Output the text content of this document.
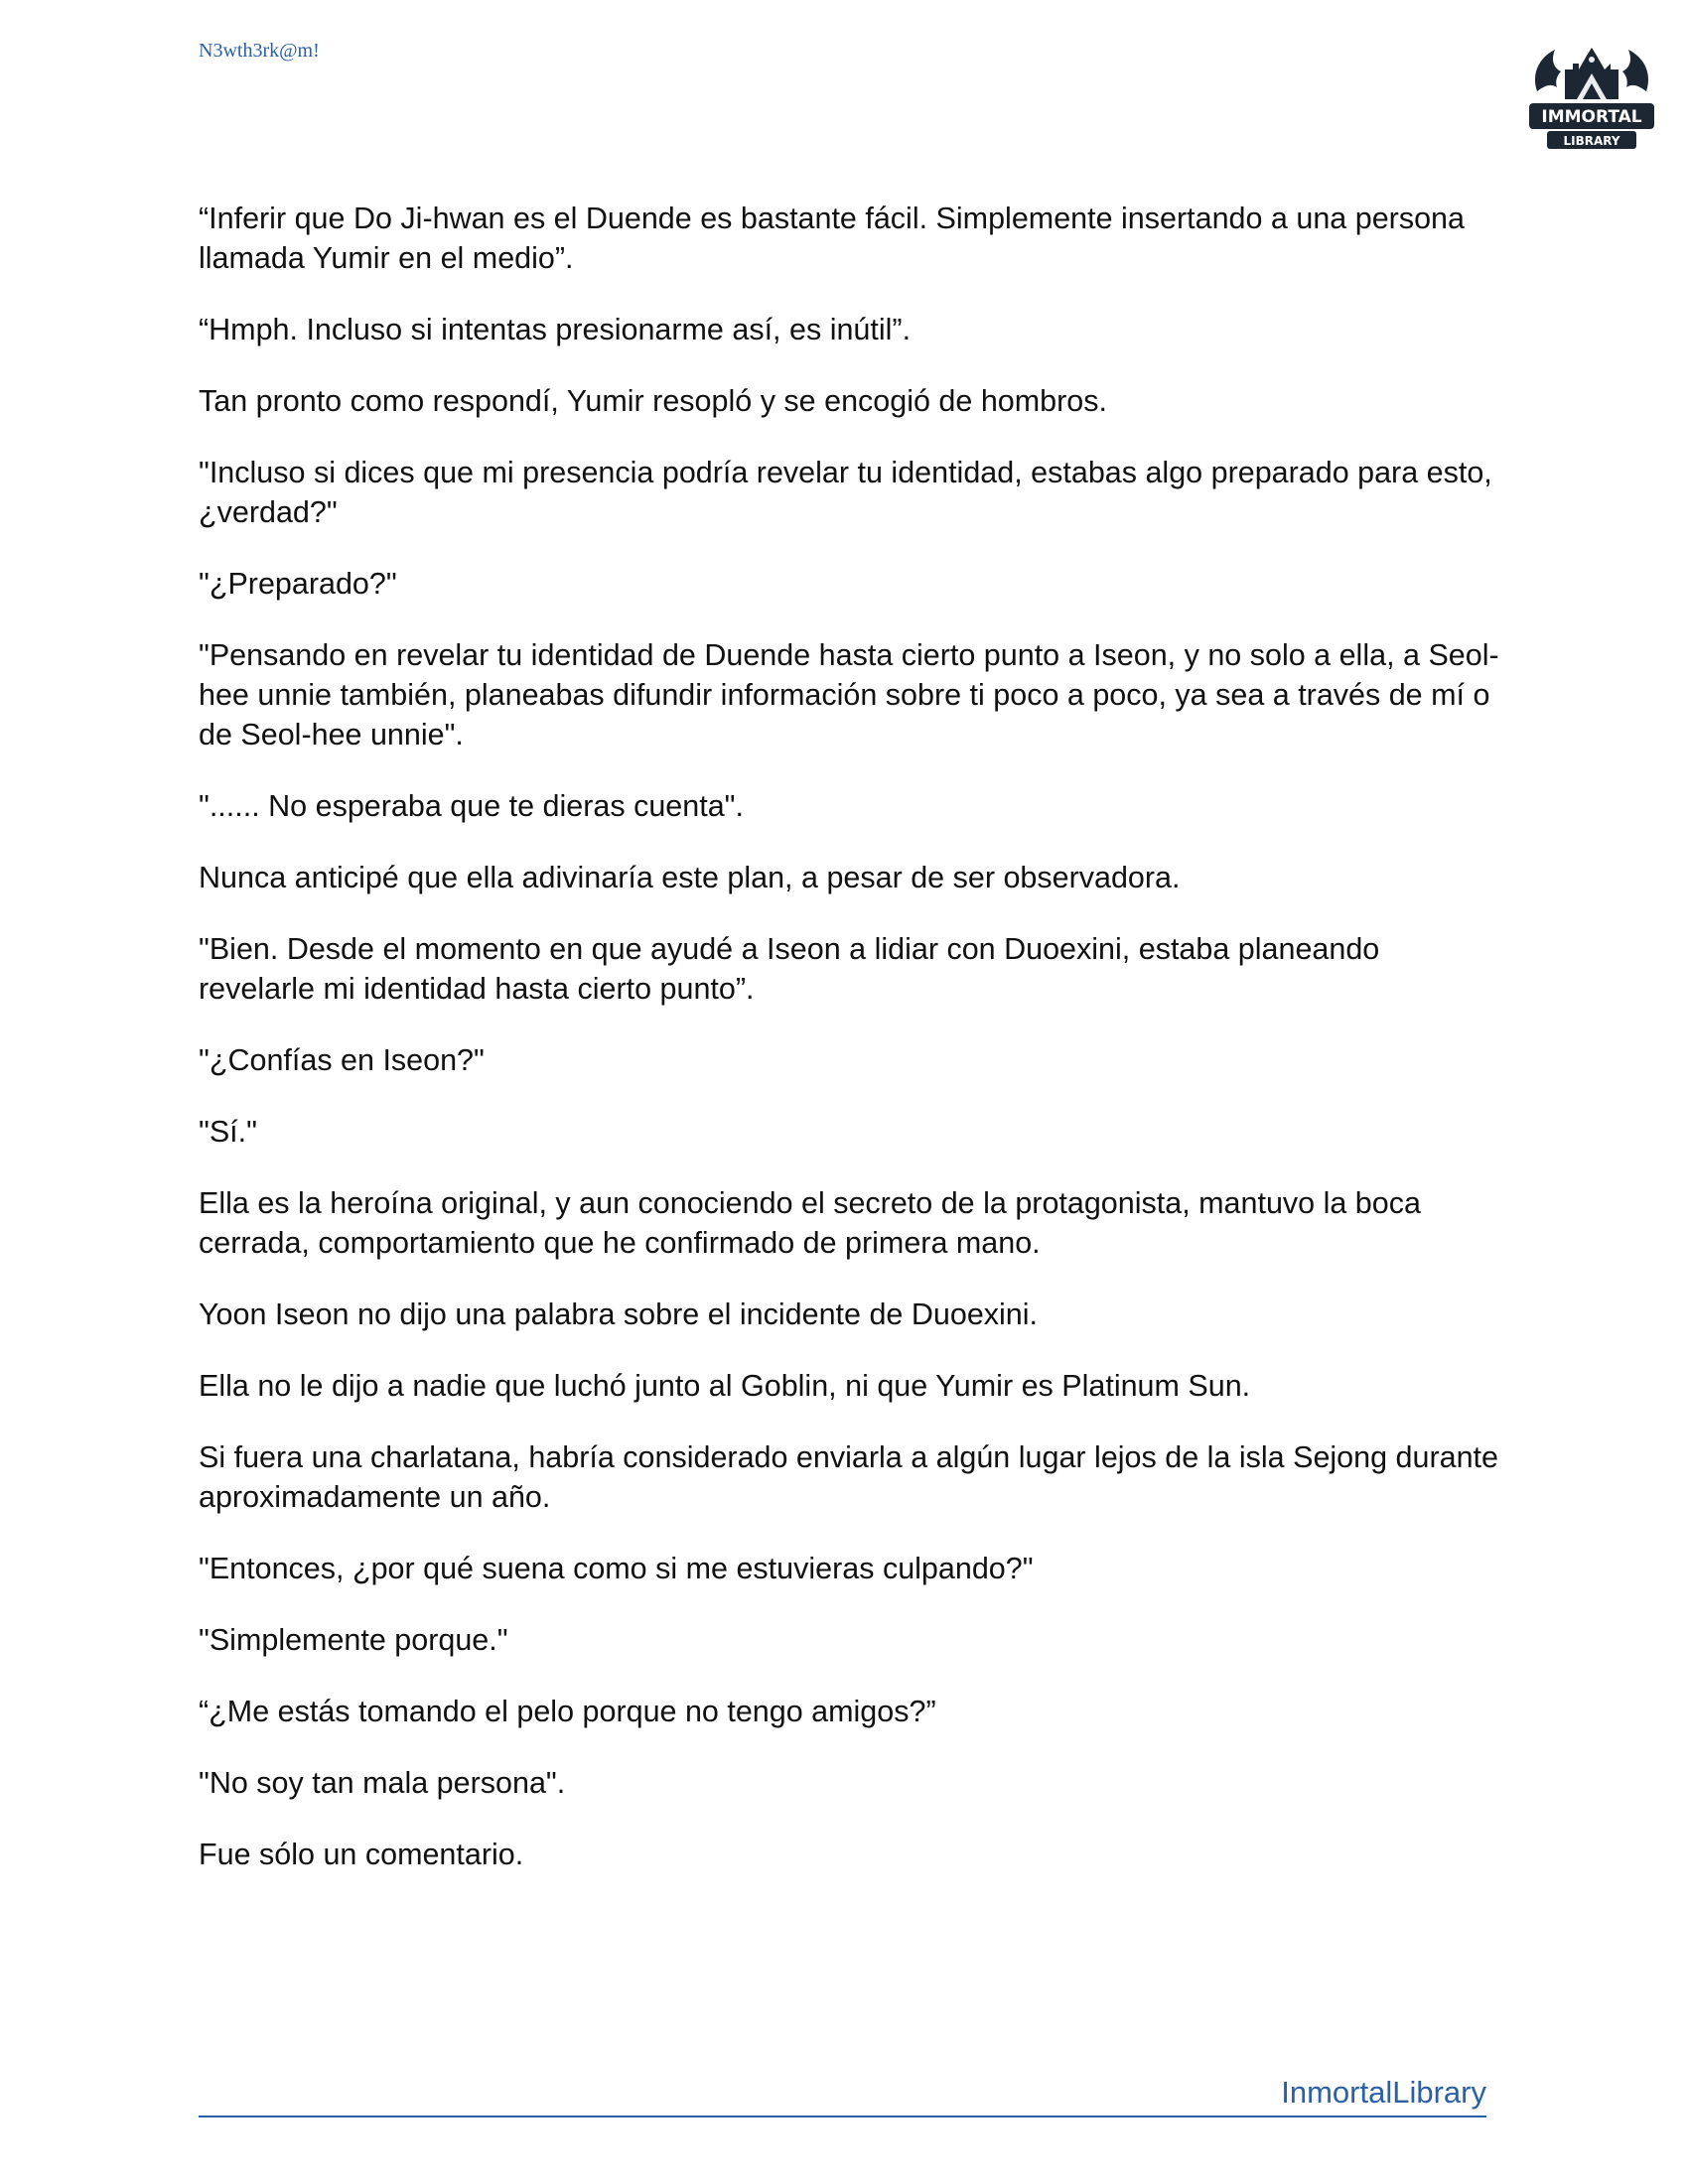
N3wth3rk@m!
IMMORTAL
LIBRARY

“Inferir que Do Ji-hwan es el Duende es bastante fácil. Simplemente insertando a una persona llamada Yumir en el medio”.

“Hmph. Incluso si intentas presionarme así, es inútil”.

Tan pronto como respondí, Yumir resopló y se encogió de hombros.

"Incluso si dices que mi presencia podría revelar tu identidad, estabas algo preparado para esto, ¿verdad?"

"¿Preparado?"

"Pensando en revelar tu identidad de Duende hasta cierto punto a Iseon, y no solo a ella, a Seol-hee unnie también, planeabas difundir información sobre ti poco a poco, ya sea a través de mí o de Seol-hee unnie".

"...... No esperaba que te dieras cuenta".

Nunca anticipé que ella adivinaría este plan, a pesar de ser observadora.

"Bien. Desde el momento en que ayudé a Iseon a lidiar con Duoexini, estaba planeando revelarle mi identidad hasta cierto punto”.

"¿Confías en Iseon?"

"Sí."

Ella es la heroína original, y aun conociendo el secreto de la protagonista, mantuvo la boca cerrada, comportamiento que he confirmado de primera mano.

Yoon Iseon no dijo una palabra sobre el incidente de Duoexini.

Ella no le dijo a nadie que luchó junto al Goblin, ni que Yumir es Platinum Sun.

Si fuera una charlatana, habría considerado enviarla a algún lugar lejos de la isla Sejong durante aproximadamente un año.

"Entonces, ¿por qué suena como si me estuvieras culpando?"

"Simplemente porque."

“¿Me estás tomando el pelo porque no tengo amigos?”

"No soy tan mala persona".

Fue sólo un comentario.

InmortalLibrary
